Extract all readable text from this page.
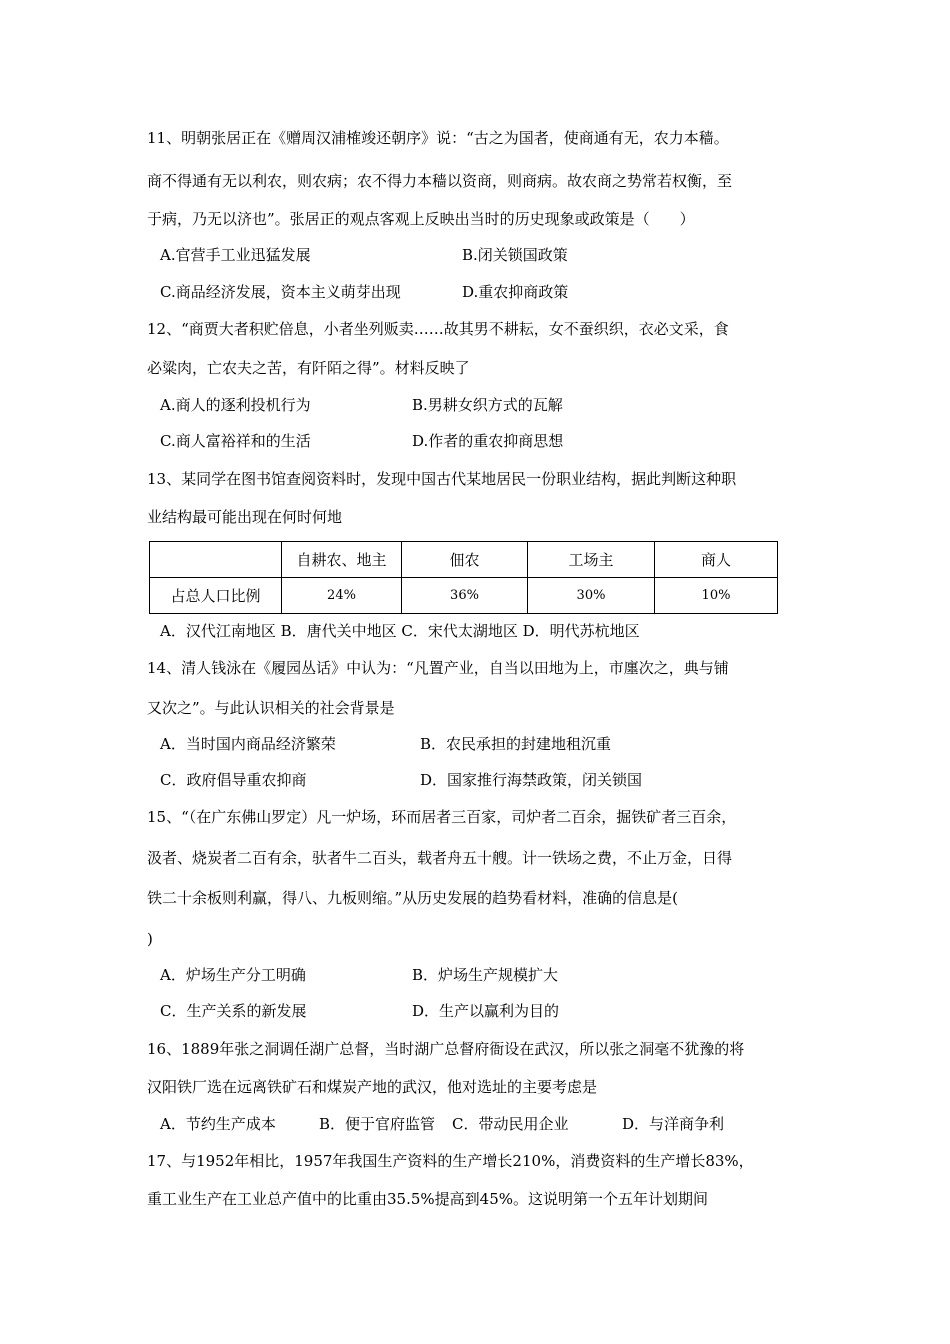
11、明朝张居正在《赠周汉浦榷竣还朝序》说：“古之为国者，使商通有无，农力本穑。
商不得通有无以利农，则农病；农不得力本穑以资商，则商病。故农商之势常若权衡，至
于病，乃无以济也”。张居正的观点客观上反映出当时的历史现象或政策是（　　）
A.官营手工业迅猛发展	B.闭关锁国政策
C.商品经济发展，资本主义萌芽出现	D.重农抑商政策
12、“商贾大者积贮倍息，小者坐列贩卖……故其男不耕耘，女不蚕织织，衣必文采，食
必粱肉，亡农夫之苦，有阡陌之得”。材料反映了
A.商人的逐利投机行为	B.男耕女织方式的瓦解
C.商人富裕祥和的生活	D.作者的重农抑商思想
13、某同学在图书馆查阅资料时，发现中国古代某地居民一份职业结构，据此判断这种职
业结构最可能出现在何时何地
	自耕农、地主	佃农	工场主	商人
占总人口比例	24%	36%	30%	10%
A．汉代江南地区 B．唐代关中地区 C．宋代太湖地区 D．明代苏杭地区
14、清人钱泳在《履园丛话》中认为：“凡置产业，自当以田地为上，市廛次之，典与铺
又次之”。与此认识相关的社会背景是
A．当时国内商品经济繁荣	B．农民承担的封建地租沉重
C．政府倡导重农抑商	D．国家推行海禁政策，闭关锁国
15、“（在广东佛山罗定）凡一炉场，环而居者三百家，司炉者二百余，掘铁矿者三百余，
汲者、烧炭者二百有余，驮者牛二百头，载者舟五十艘。计一铁场之费，不止万金，日得
铁二十余板则利赢，得八、九板则缩。”从历史发展的趋势看材料，准确的信息是(
)
A．炉场生产分工明确	B．炉场生产规模扩大
C．生产关系的新发展	D．生产以赢利为目的
16、1889年张之洞调任湖广总督，当时湖广总督府衙设在武汉，所以张之洞毫不犹豫的将
汉阳铁厂选在远离铁矿石和煤炭产地的武汉，他对选址的主要考虑是
A．节约生产成本	B．便于官府监管 C．带动民用企业	D．与洋商争利
17、与1952年相比，1957年我国生产资料的生产增长210%，消费资料的生产增长83%，
重工业生产在工业总产值中的比重由35.5%提高到45%。这说明第一个五年计划期间
